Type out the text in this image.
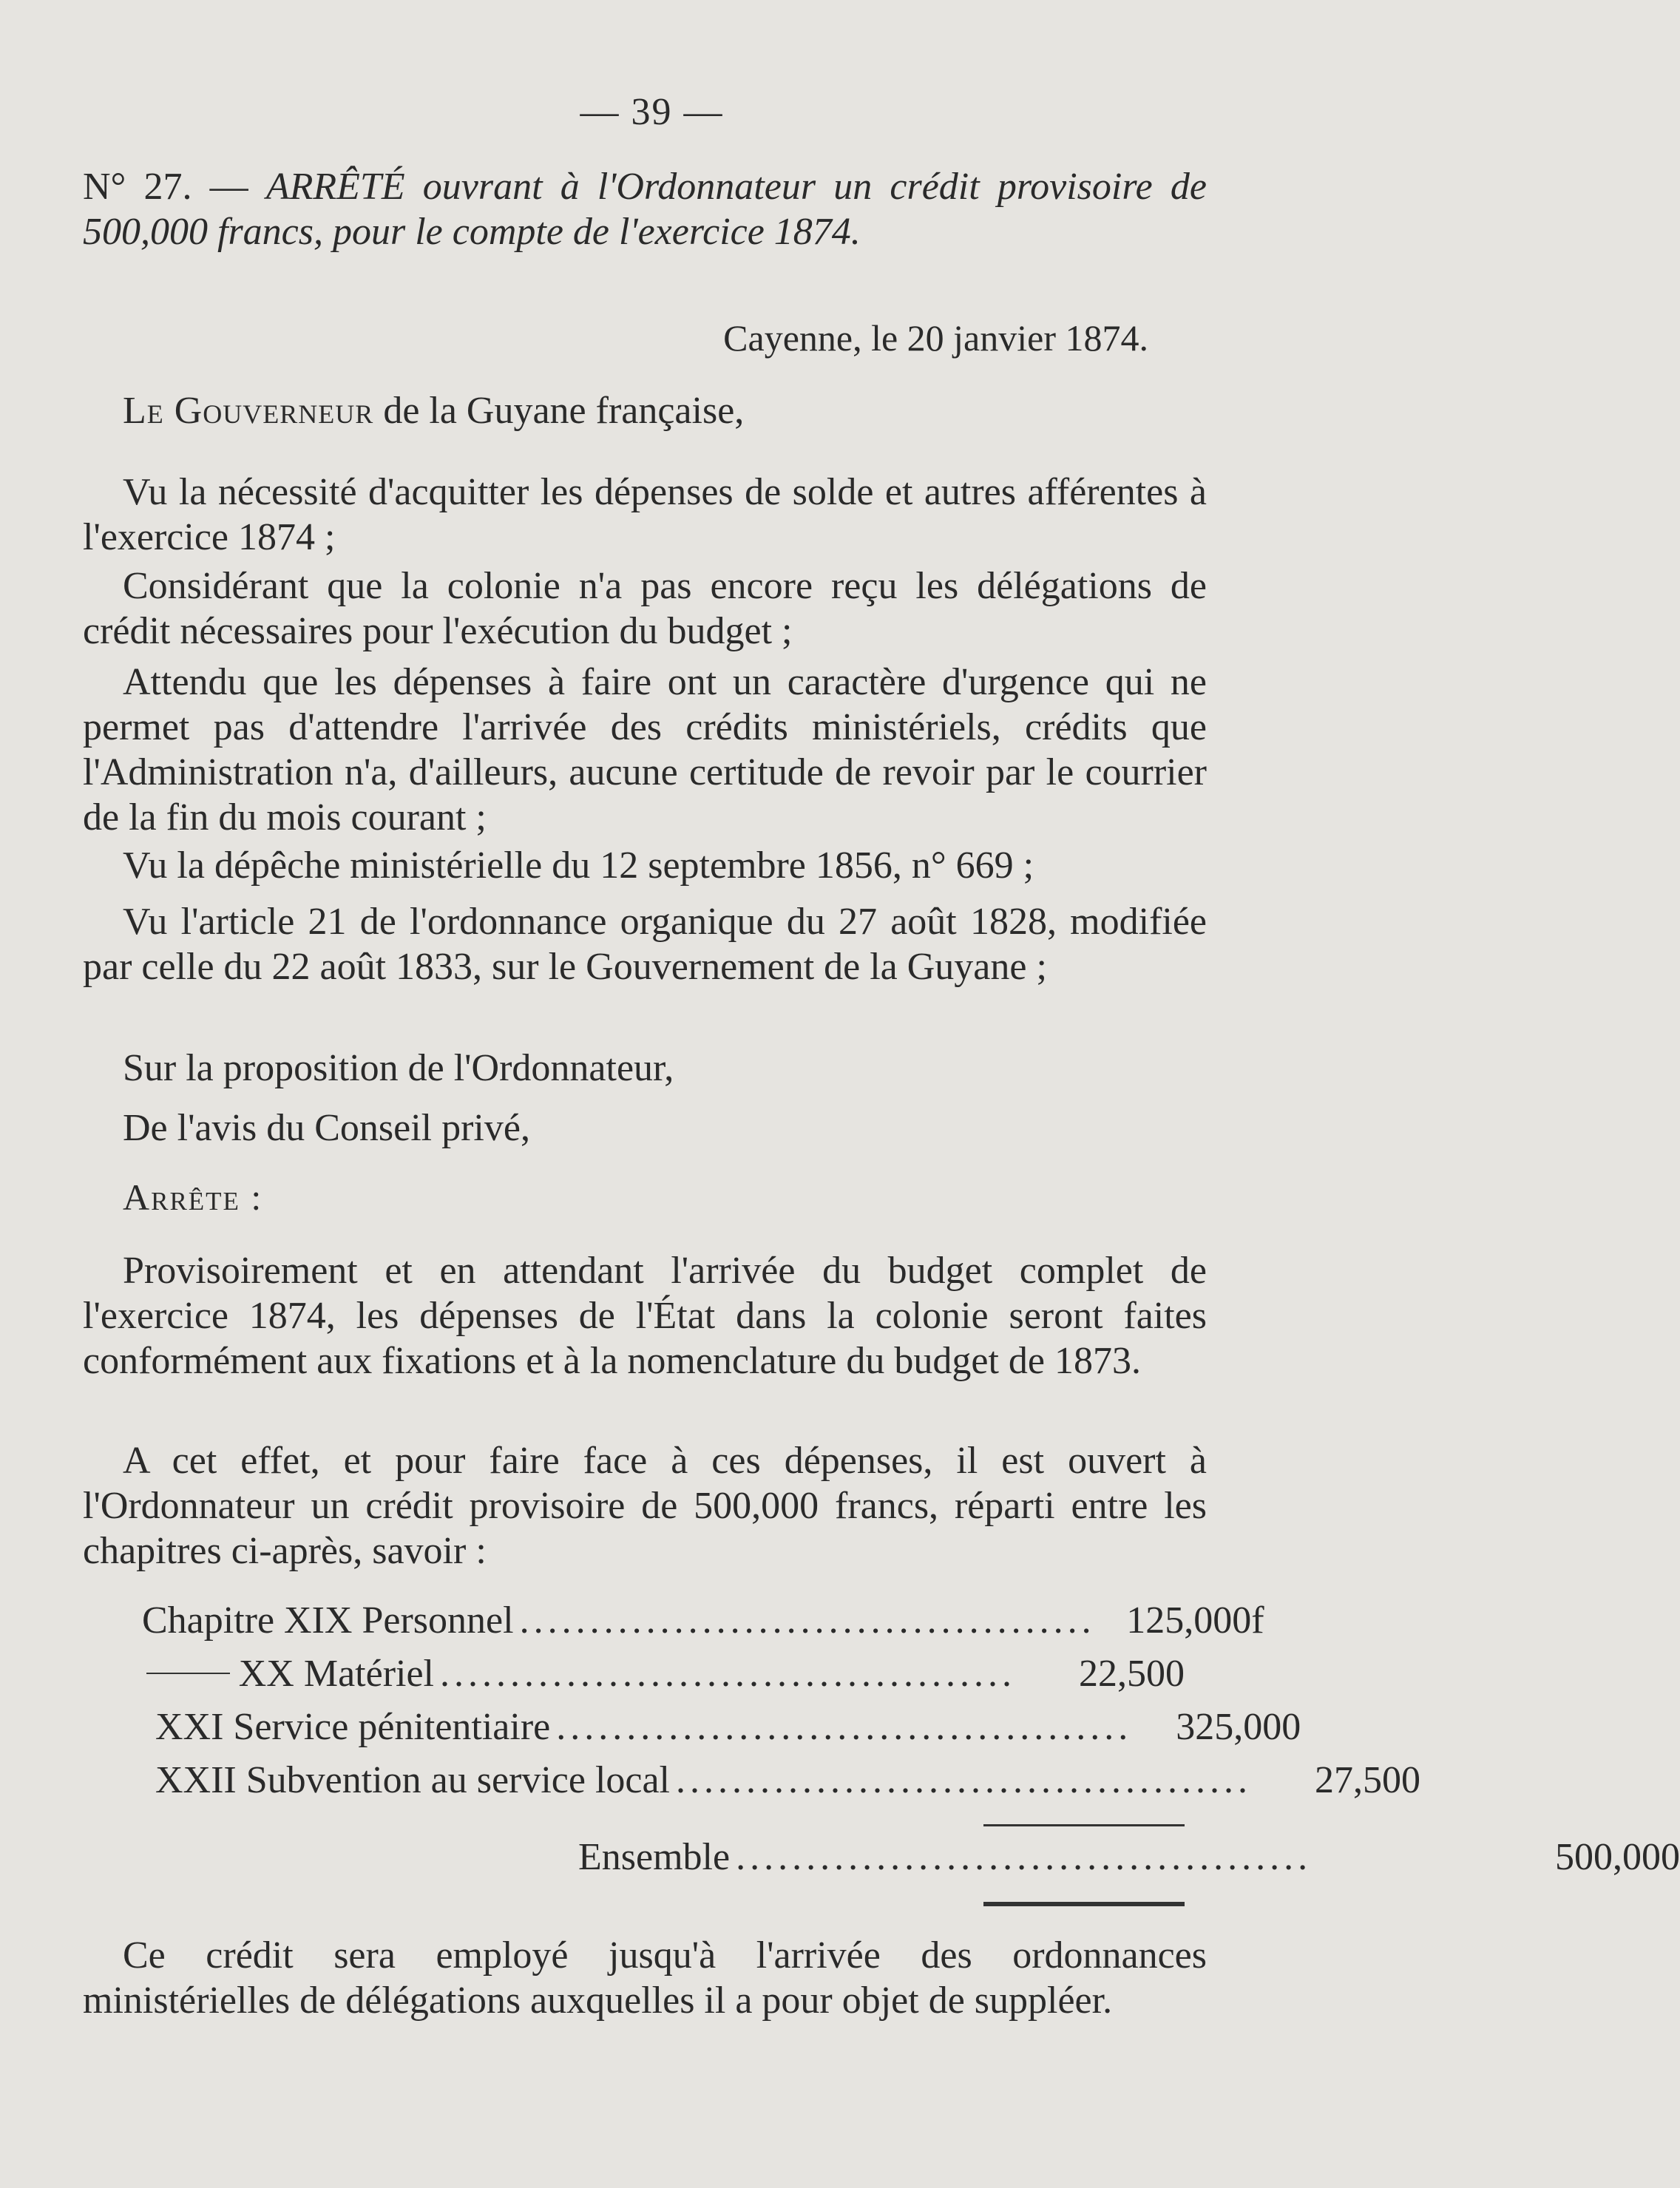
— 39 —

N° 27. — ARRÊTÉ ouvrant à l'Ordonnateur un crédit provisoire de 500,000 francs, pour le compte de l'exercice 1874.

Cayenne, le 20 janvier 1874.
Le Gouverneur de la Guyane française,
Vu la nécessité d'acquitter les dépenses de solde et autres afférentes à l'exercice 1874 ;
Considérant que la colonie n'a pas encore reçu les délégations de crédit nécessaires pour l'exécution du budget ;
Attendu que les dépenses à faire ont un caractère d'urgence qui ne permet pas d'attendre l'arrivée des crédits ministériels, crédits que l'Administration n'a, d'ailleurs, aucune certitude de revoir par le courrier de la fin du mois courant ;
Vu la dépêche ministérielle du 12 septembre 1856, n° 669 ;
Vu l'article 21 de l'ordonnance organique du 27 août 1828, modifiée par celle du 22 août 1833, sur le Gouvernement de la Guyane ;
Sur la proposition de l'Ordonnateur,
De l'avis du Conseil privé,
Arrête :
Provisoirement et en attendant l'arrivée du budget complet de l'exercice 1874, les dépenses de l'État dans la colonie seront faites conformément aux fixations et à la nomenclature du budget de 1873.
A cet effet, et pour faire face à ces dépenses, il est ouvert à l'Ordonnateur un crédit provisoire de 500,000 francs, réparti entre les chapitres ci-après, savoir :
Chapitre XIX Personnel ......................................... 125,000f
XX Matériel .........................................	22,500
XXI Service pénitentiaire .........................................	325,000
XXII Subvention au service local .........................................	27,500
Ensemble .........................................	500,000
Ce crédit sera employé jusqu'à l'arrivée des ordonnances ministérielles de délégations auxquelles il a pour objet de suppléer.
